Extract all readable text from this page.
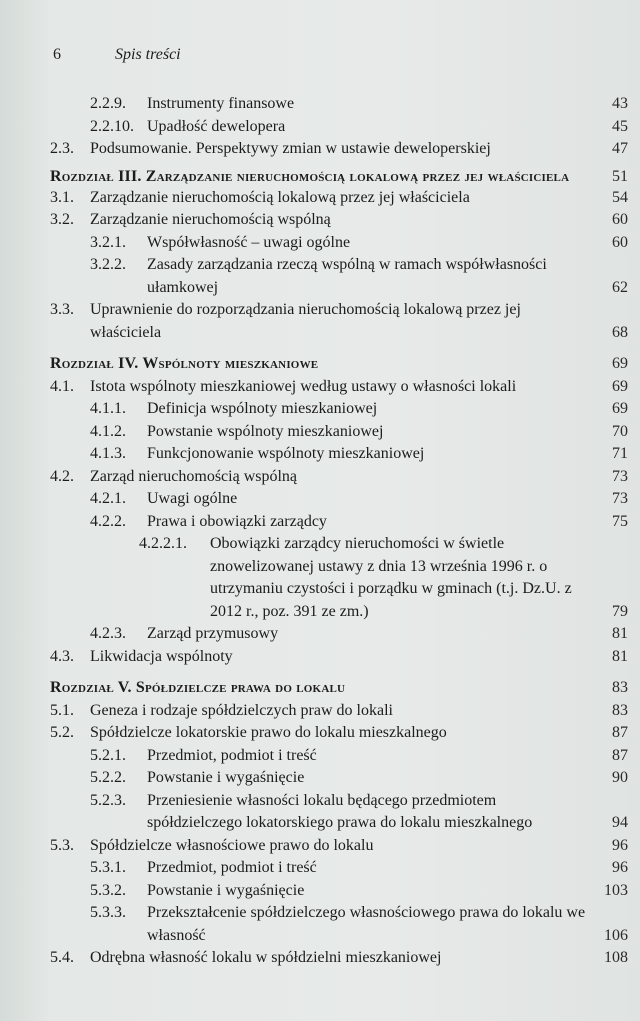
6	Spis treści
2.2.9. Instrumenty finansowe	43
2.2.10. Upadłość dewelopera	45
2.3. Podsumowanie. Perspektywy zmian w ustawie deweloperskiej	47
Rozdział III. Zarządzanie nieruchomością lokalową przez jej właściciela	51
3.1. Zarządzanie nieruchomością lokalową przez jej właściciela	54
3.2. Zarządzanie nieruchomością wspólną	60
3.2.1. Współwłasność – uwagi ogólne	60
3.2.2. Zasady zarządzania rzeczą wspólną w ramach współwłasności ułamkowej	62
3.3. Uprawnienie do rozporządzania nieruchomością lokalową przez jej właściciela	68
Rozdział IV. Wspólnoty mieszkaniowe	69
4.1. Istota wspólnoty mieszkaniowej według ustawy o własności lokali	69
4.1.1. Definicja wspólnoty mieszkaniowej	69
4.1.2. Powstanie wspólnoty mieszkaniowej	70
4.1.3. Funkcjonowanie wspólnoty mieszkaniowej	71
4.2. Zarząd nieruchomością wspólną	73
4.2.1. Uwagi ogólne	73
4.2.2. Prawa i obowiązki zarządcy	75
4.2.2.1. Obowiązki zarządcy nieruchomości w świetle znowelizowanej ustawy z dnia 13 września 1996 r. o utrzymaniu czystości i porządku w gminach (t.j. Dz.U. z 2012 r., poz. 391 ze zm.)	79
4.2.3. Zarząd przymusowy	81
4.3. Likwidacja wspólnoty	81
Rozdział V. Spółdzielcze prawa do lokalu	83
5.1. Geneza i rodzaje spółdzielczych praw do lokali	83
5.2. Spółdzielcze lokatorskie prawo do lokalu mieszkalnego	87
5.2.1. Przedmiot, podmiot i treść	87
5.2.2. Powstanie i wygaśnięcie	90
5.2.3. Przeniesienie własności lokalu będącego przedmiotem spółdzielczego lokatorskiego prawa do lokalu mieszkalnego	94
5.3. Spółdzielcze własnościowe prawo do lokalu	96
5.3.1. Przedmiot, podmiot i treść	96
5.3.2. Powstanie i wygaśnięcie	103
5.3.3. Przekształcenie spółdzielczego własnościowego prawa do lokalu we własność	106
5.4. Odrębna własność lokalu w spółdzielni mieszkaniowej	108
